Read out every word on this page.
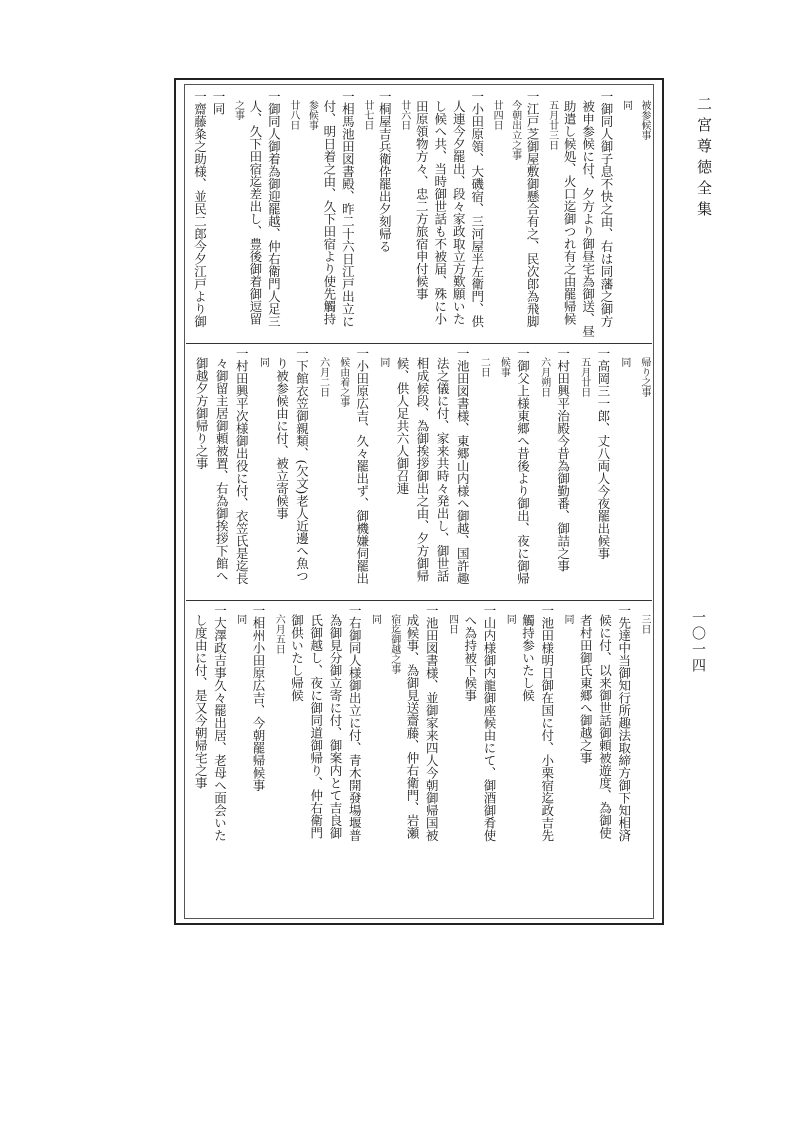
二宮尊徳全集
一〇一四
被参候事
同
一御同人御子息不快之由、右は同藩之御方
被申参候に付、夕方より御昼宅為御送、昼
助遣し候処、火口迄御つれ有之由罷帰候
五月廿三日
一江戸芝御屋敷御懸合有之、民次郎為飛脚
今朝出立之事
廿四日
一小田原領、大磯宿、三河屋半左衛門、供
人連今夕罷出、段々家政取立方歎願いた
し候へ共、当時御世話も不被届、殊に小
田原領物方々、忠二方旅宿申付候事
廿六日
一桐屋吉兵衛伜罷出夕刻帰る
廿七日
一相馬池田図書殿、昨二十六日江戸出立に
付、明日着之由、久下田宿より使先觸持
参候事
廿八日
一御同人御着為御迎罷越、仲右衛門人足三
人、久下田宿迄差出し、豊後御着御逗留
之事
一同
一齋藤粂之助様、並民二郎今夕江戸より御
帰り之事
同
一高岡三一郎、丈八両人今夜罷出候事
五月廿日
一村田興平治殿今昔為御勤番、御詰之事
六月朔日
一御父上様東郷へ昔後より御出、夜に御帰
候事
二日
一池田図書様、東郷山内様へ御越、国許趣
法之儀に付、家来共時々発出し、御世話
相成候段、為御挨拶御出之由、夕方御帰
候、供人足共六人御召連
同
一小田原広吉、久々罷出ず、御機嫌伺罷出
候由着之事
六月二日
一下館衣笠御親類、(欠文)老人近邊へ魚つ
り被参候由に付、被立寄候事
同
一村田興平次様御出役に付、衣笠氏是迄長
々御留主居御頼被置、右為御挨拶下館へ
御越夕方御帰り之事
三日
一先達中当御知行所趣法取締方御下知相済
候に付、以来御世話御頼被遊度、為御使
者村田御氏東郷へ御越之事
同
一池田様明日御在国に付、小栗宿迄政吉先
觸持参いたし候
同
一山内様御内龍御座候由にて、御酒御肴使
へ為持被下候事
四日
一池田図書様、並御家来四人今朝御帰国被
成候事、為御見送齋藤、仲右衛門、岩瀬
宿迄御越之事
同
一右御同人様御出立に付、青木開發場堰普
為御見分御立寄に付、御案内とて吉良御
氏御越し、夜に御同道御帰り、仲右衛門
御供いたし帰候
六月五日
一相州小田原広吉、今朝罷帰候事
同
一大澤政吉事久々罷出居、老母へ面会いた
し度由に付、是又今朝帰宅之事
